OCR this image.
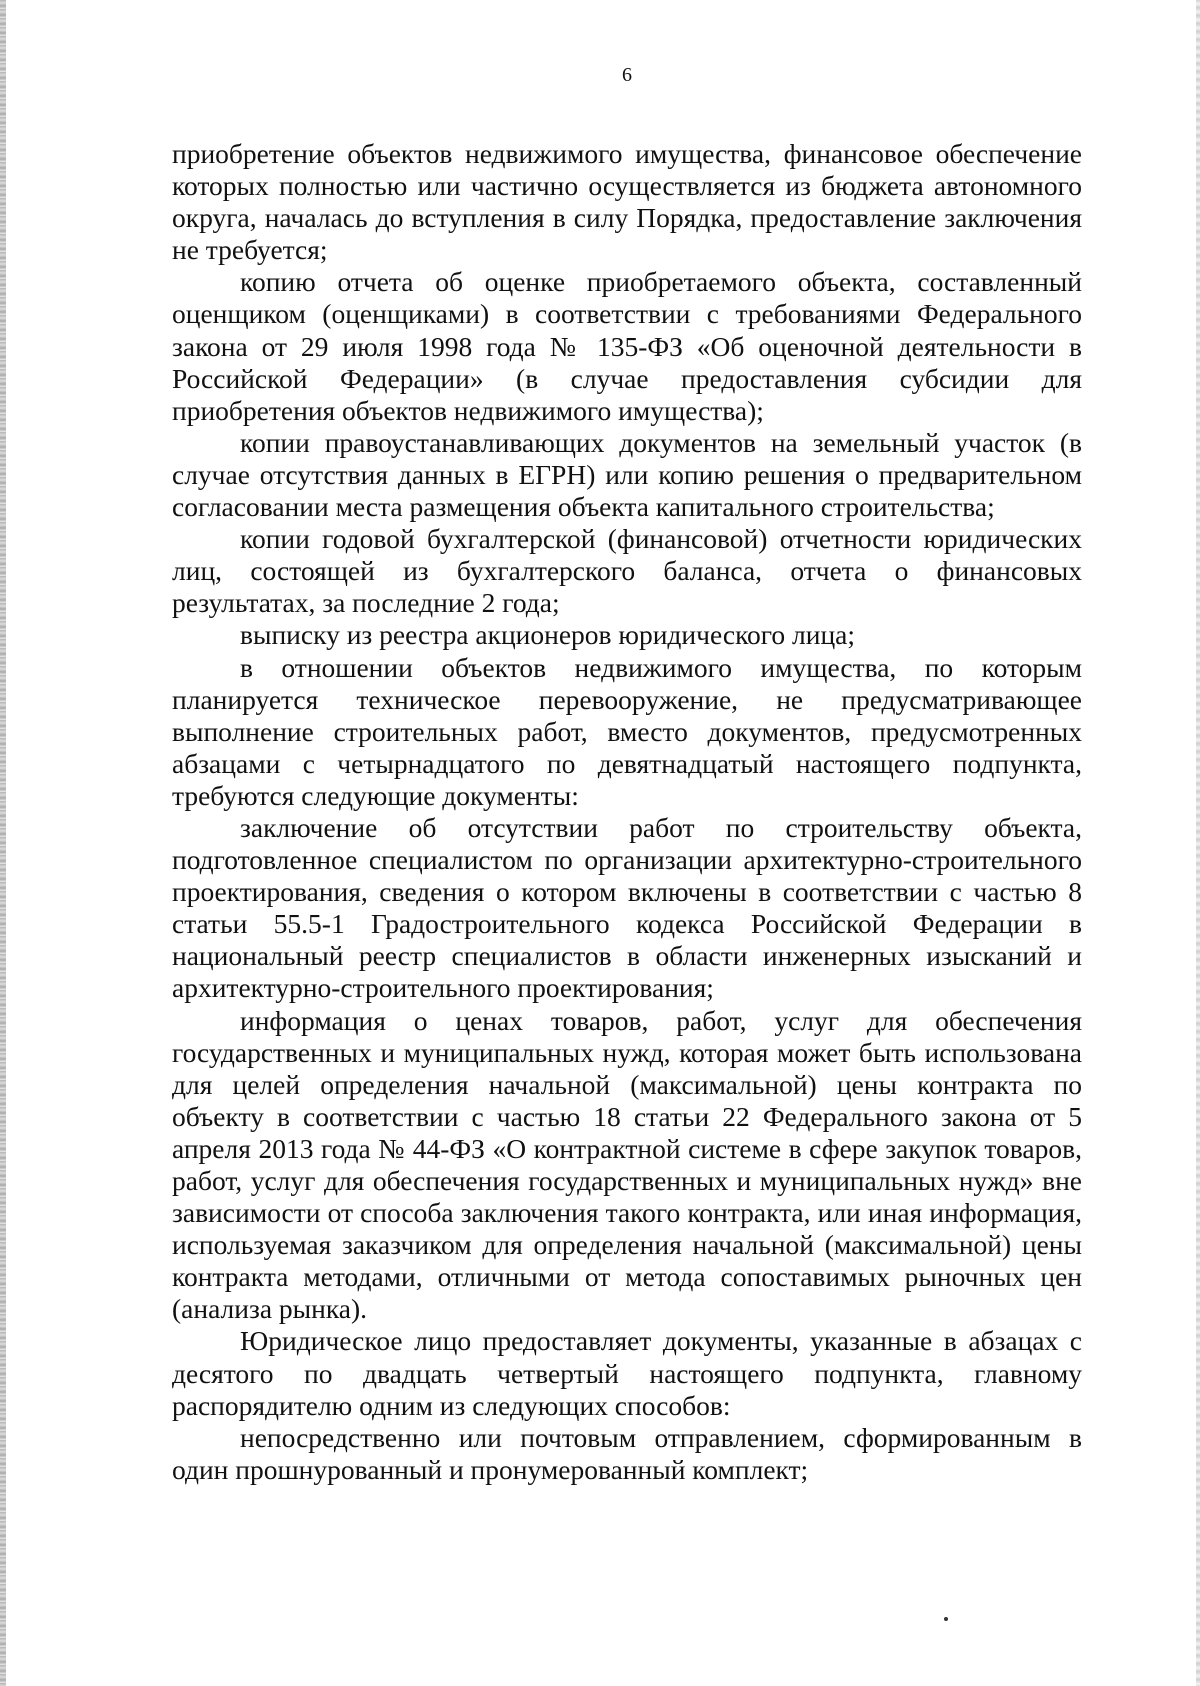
6

приобретение объектов недвижимого имущества, финансовое обеспечение которых полностью или частично осуществляется из бюджета автономного округа, началась до вступления в силу Порядка, предоставление заключения не требуется;

копию отчета об оценке приобретаемого объекта, составленный оценщиком (оценщиками) в соответствии с требованиями Федерального закона от 29 июля 1998 года № 135-ФЗ «Об оценочной деятельности в Российской Федерации» (в случае предоставления субсидии для приобретения объектов недвижимого имущества);

копии правоустанавливающих документов на земельный участок (в случае отсутствия данных в ЕГРН) или копию решения о предварительном согласовании места размещения объекта капитального строительства;

копии годовой бухгалтерской (финансовой) отчетности юридических лиц, состоящей из бухгалтерского баланса, отчета о финансовых результатах, за последние 2 года;

выписку из реестра акционеров юридического лица;

в отношении объектов недвижимого имущества, по которым планируется техническое перевооружение, не предусматривающее выполнение строительных работ, вместо документов, предусмотренных абзацами с четырнадцатого по девятнадцатый настоящего подпункта, требуются следующие документы:

заключение об отсутствии работ по строительству объекта, подготовленное специалистом по организации архитектурно-строительного проектирования, сведения о котором включены в соответствии с частью 8 статьи 55.5-1 Градостроительного кодекса Российской Федерации в национальный реестр специалистов в области инженерных изысканий и архитектурно-строительного проектирования;

информация о ценах товаров, работ, услуг для обеспечения государственных и муниципальных нужд, которая может быть использована для целей определения начальной (максимальной) цены контракта по объекту в соответствии с частью 18 статьи 22 Федерального закона от 5 апреля 2013 года № 44-ФЗ «О контрактной системе в сфере закупок товаров, работ, услуг для обеспечения государственных и муниципальных нужд» вне зависимости от способа заключения такого контракта, или иная информация, используемая заказчиком для определения начальной (максимальной) цены контракта методами, отличными от метода сопоставимых рыночных цен (анализа рынка).

Юридическое лицо предоставляет документы, указанные в абзацах с десятого по двадцать четвертый настоящего подпункта, главному распорядителю одним из следующих способов:

непосредственно или почтовым отправлением, сформированным в один прошнурованный и пронумерованный комплект;
